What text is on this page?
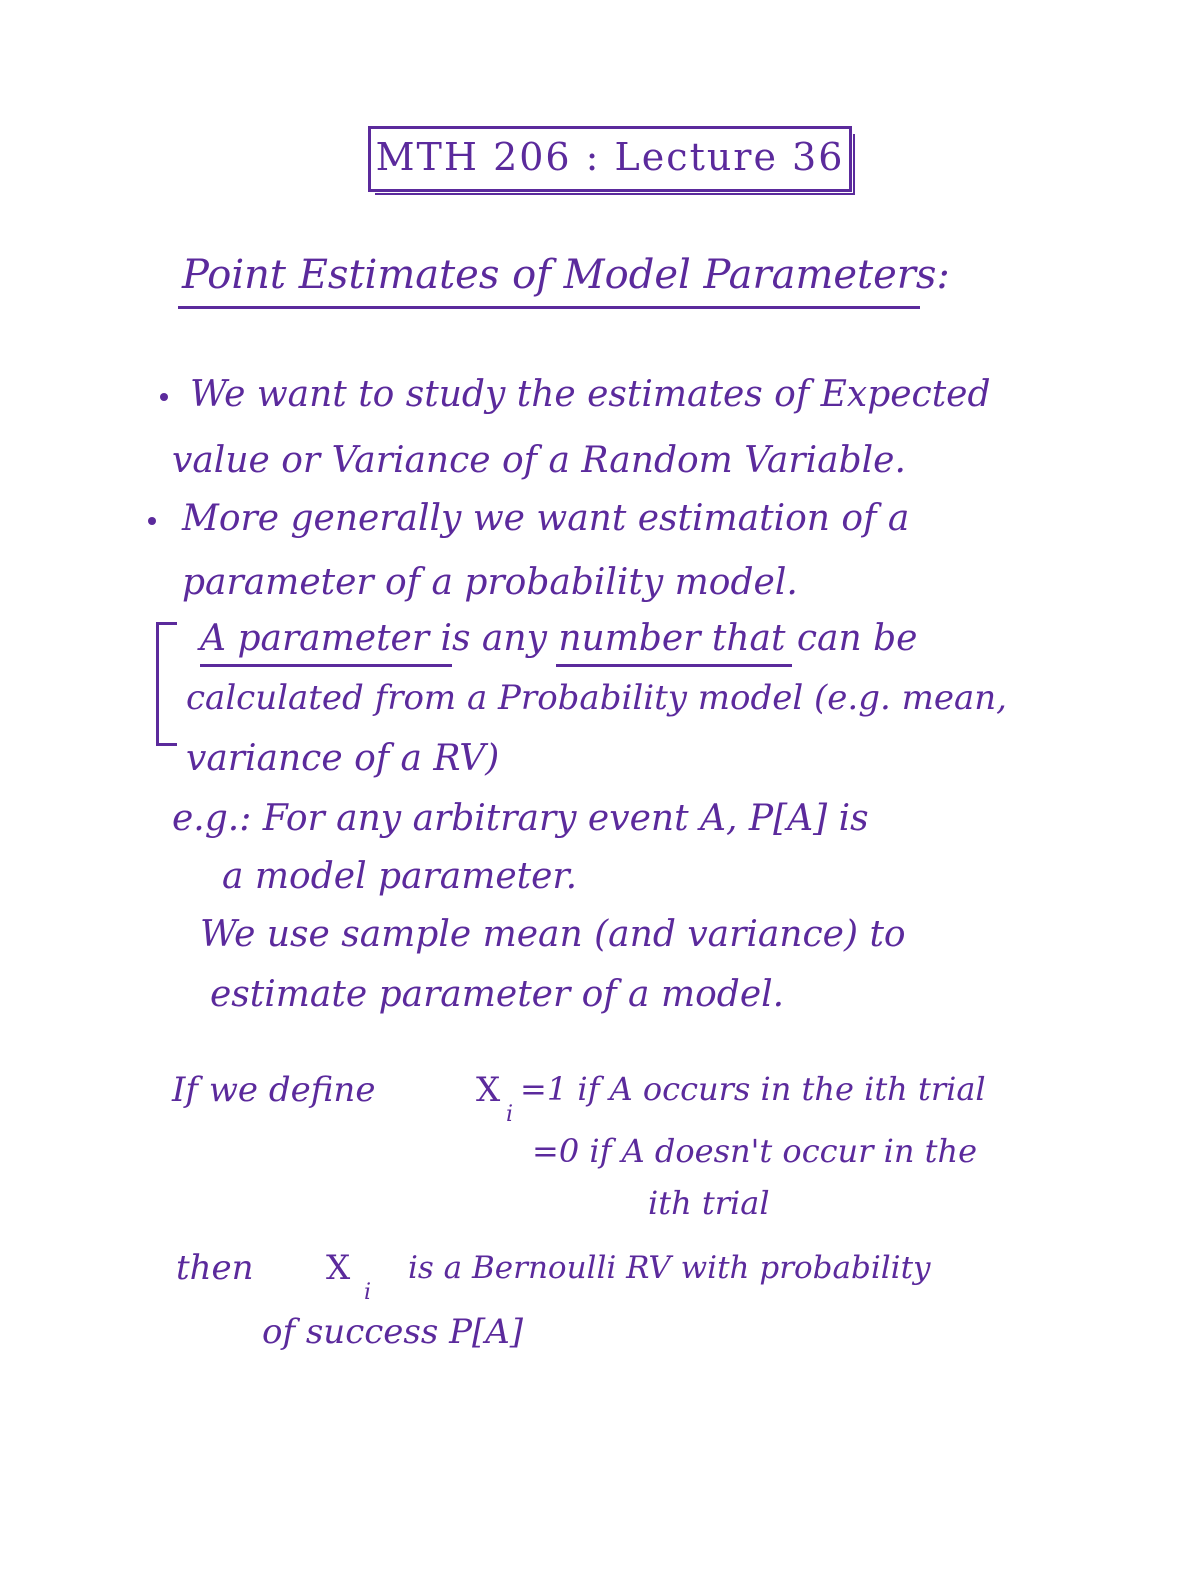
MTH 206 : Lecture 36
Point Estimates of Model Parameters:
We want to study the estimates of Expected
value or Variance of a Random Variable.
More generally we want estimation of a
parameter of a probability model.
A parameter is any number that can be
calculated from a Probability model (e.g. mean,
variance of a RV)
e.g.: For any arbitrary event A, P[A] is
a model parameter.
We use sample mean (and variance) to
estimate parameter of a model.
If we define	X
i
=1 if A occurs in the ith trial
=0 if A doesn't occur in the
ith trial
then X
i
is a Bernoulli RV with probability
of success P[A]
